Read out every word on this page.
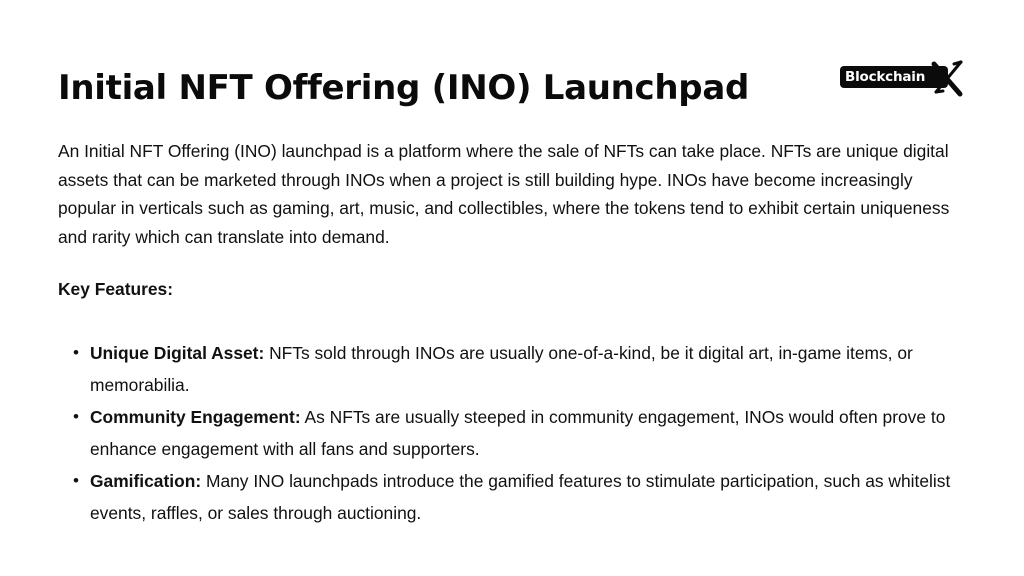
Initial NFT Offering (INO) Launchpad	Blockchain

An Initial NFT Offering (INO) launchpad is a platform where the sale of NFTs can take place. NFTs are unique digital assets that can be marketed through INOs when a project is still building hype. INOs have become increasingly popular in verticals such as gaming, art, music, and collectibles, where the tokens tend to exhibit certain uniqueness and rarity which can translate into demand.

Key Features:

• Unique Digital Asset: NFTs sold through INOs are usually one-of-a-kind, be it digital art, in-game items, or memorabilia.
• Community Engagement: As NFTs are usually steeped in community engagement, INOs would often prove to enhance engagement with all fans and supporters.
• Gamification: Many INO launchpads introduce the gamified features to stimulate participation, such as whitelist events, raffles, or sales through auctioning.
